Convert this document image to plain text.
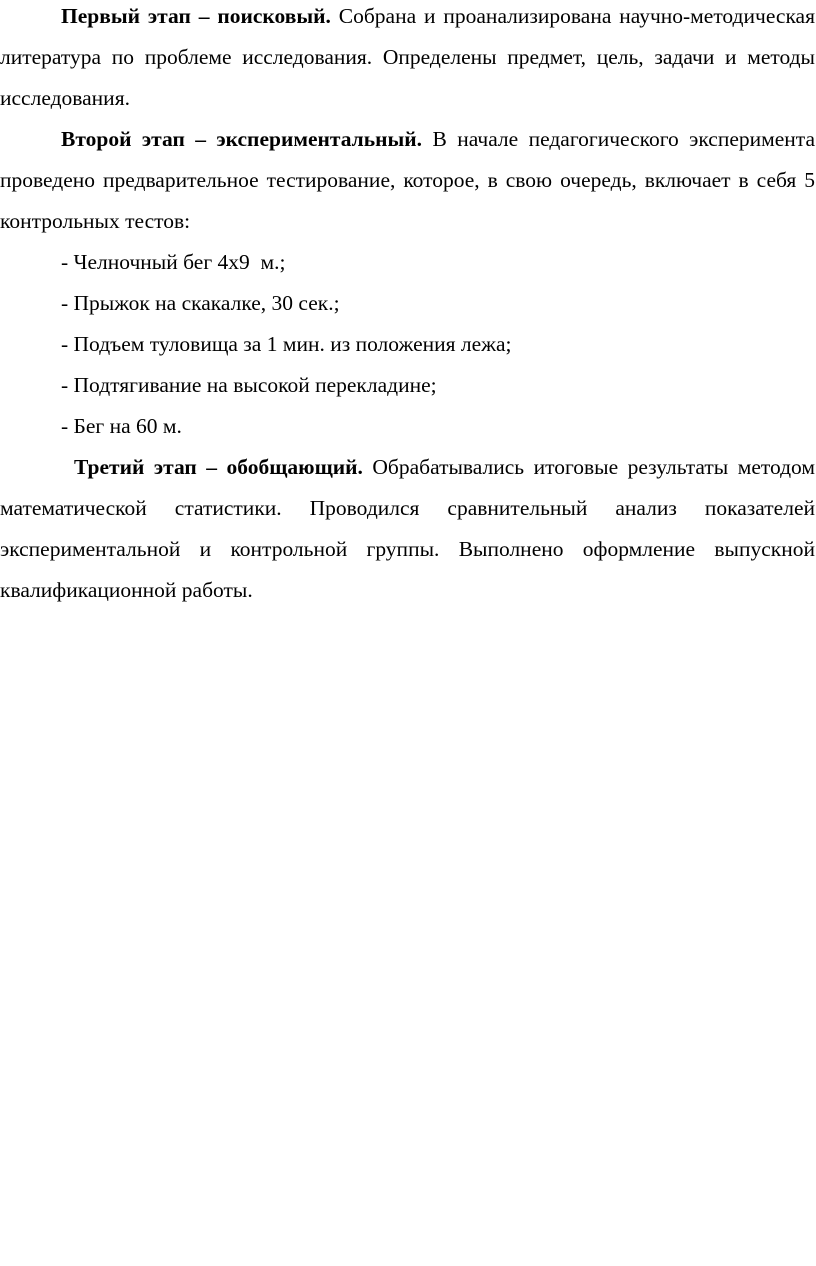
Первый этап – поисковый. Собрана и проанализирована научно-методическая литература по проблеме исследования. Определены предмет, цель, задачи и методы исследования.

Второй этап – экспериментальный. В начале педагогического эксперимента проведено предварительное тестирование, которое, в свою очередь, включает в себя 5 контрольных тестов:

- Челночный бег 4х9  м.;

- Прыжок на скакалке, 30 сек.;

- Подъем туловища за 1 мин. из положения лежа;

- Подтягивание на высокой перекладине;

- Бег на 60 м.

Третий этап – обобщающий. Обрабатывались итоговые результаты методом математической статистики. Проводился сравнительный анализ показателей экспериментальной и контрольной группы. Выполнено оформление выпускной квалификационной работы.
